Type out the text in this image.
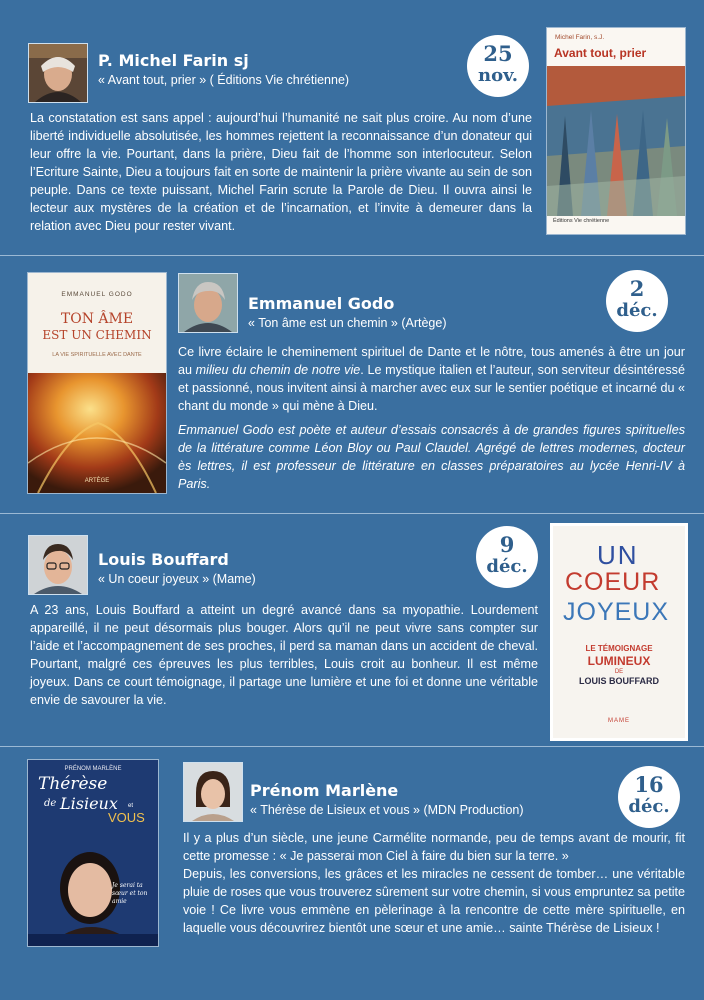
P. Michel Farin sj
« Avant tout, prier » ( Éditions Vie chrétienne)
25
nov.

La constatation est sans appel : aujourd’hui l’humanité ne sait plus croire. Au nom d’une liberté individuelle absolutisée, les hommes rejettent la reconnaissance d’un donateur qui leur offre la vie. Pourtant, dans la prière, Dieu fait de l’homme son interlocuteur. Selon l’Ecriture Sainte, Dieu a toujours fait en sorte de maintenir la prière vivante au sein de son peuple. Dans ce texte puissant, Michel Farin scrute la Parole de Dieu. Il ouvra ainsi le lecteur aux mystères de la création et de l’incarnation, et l’invite à demeurer dans la relation avec Dieu pour rester vivant.

Michel Farin, s.J.
Avant tout, prier
Éditions Vie chrétienne
EMMANUEL GODO
TON ÂME
EST UN CHEMIN
LA VIE SPIRITUELLE AVEC DANTE
ARTÈGE
Emmanuel Godo
« Ton âme est un chemin » (Artège)
2
déc.

Ce livre éclaire le cheminement spirituel de Dante et le nôtre, tous amenés à être un jour au milieu du chemin de notre vie. Le mystique italien et l’auteur, son serviteur désintéressé et passionné, nous invitent ainsi à marcher avec eux sur le sentier poétique et incarné du « chant du monde » qui mène à Dieu.

Emmanuel Godo est poète et auteur d’essais consacrés à de grandes figures spirituelles de la littérature comme Léon Bloy ou Paul Claudel. Agrégé de lettres modernes, docteur ès lettres, il est professeur de littérature en classes préparatoires au lycée Henri-IV à Paris.

Louis Bouffard
« Un coeur joyeux » (Mame)
9
déc.

A 23 ans, Louis Bouffard a atteint un degré avancé dans sa myopathie. Lourdement appareillé, il ne peut désormais plus bouger. Alors qu’il ne peut vivre sans compter sur l’aide et l’accompagnement de ses proches, il perd sa maman dans un accident de cheval. Pourtant, malgré ces épreuves les plus terribles, Louis croit au bonheur. Il est même joyeux. Dans ce court témoignage, il partage une lumière et une foi et donne une véritable envie de savourer la vie.

UN
COEUR
JOYEUX
LE TÉMOIGNAGE
LUMINEUX
DE
LOUIS BOUFFARD
MAME
PRÉNOM MARLÈNE
Thérèse
de Lisieux et
VOUS
Je serai ta sœur et ton amie
Prénom Marlène
« Thérèse de Lisieux et vous » (MDN Production)
16
déc.

Il y a plus d’un siècle, une jeune Carmélite normande, peu de temps avant de mourir, fit cette promesse : « Je passerai mon Ciel à faire du bien sur la terre. »

Depuis, les conversions, les grâces et les miracles ne cessent de tomber… une véritable pluie de roses que vous trouverez sûrement sur votre chemin, si vous empruntez sa petite voie ! Ce livre vous emmène en pèlerinage à la rencontre de cette mère spirituelle, en laquelle vous découvrirez bientôt une sœur et une amie… sainte Thérèse de Lisieux !
